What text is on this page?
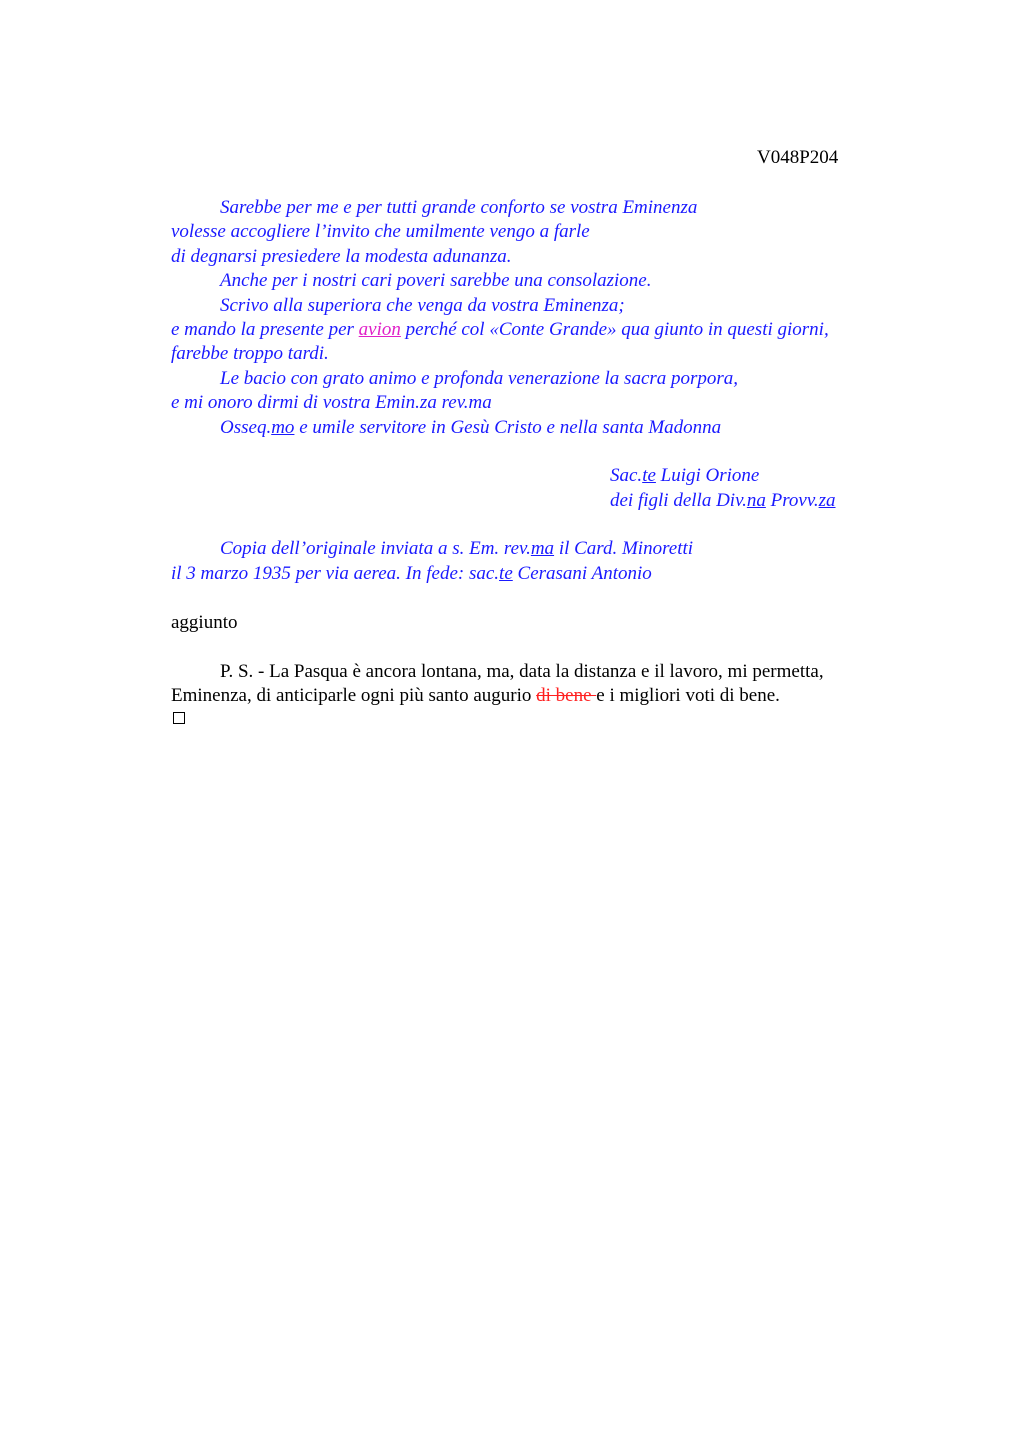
V048P204
Sarebbe per me e per tutti grande conforto se vostra Eminenza
volesse accogliere l’invito che umilmente vengo a farle
di degnarsi presiedere la modesta adunanza.
Anche per i nostri cari poveri sarebbe una consolazione.
Scrivo alla superiora che venga da vostra Eminenza;
e mando la presente per avion perché col «Conte Grande» qua giunto in questi giorni,
farebbe troppo tardi.
Le bacio con grato animo e profonda venerazione la sacra porpora,
e mi onoro dirmi di vostra Emin.za rev.ma
Osseq.mo e umile servitore in Gesù Cristo e nella santa Madonna
Sac.te Luigi Orione
dei figli della Div.na Provv.za
Copia dell’originale inviata a s. Em. rev.ma il Card. Minoretti
il 3 marzo 1935 per via aerea. In fede: sac.te Cerasani Antonio
aggiunto
P. S. - La Pasqua è ancora lontana, ma, data la distanza e il lavoro, mi permetta,
Eminenza, di anticiparle ogni più santo augurio di bene e i migliori voti di bene.
